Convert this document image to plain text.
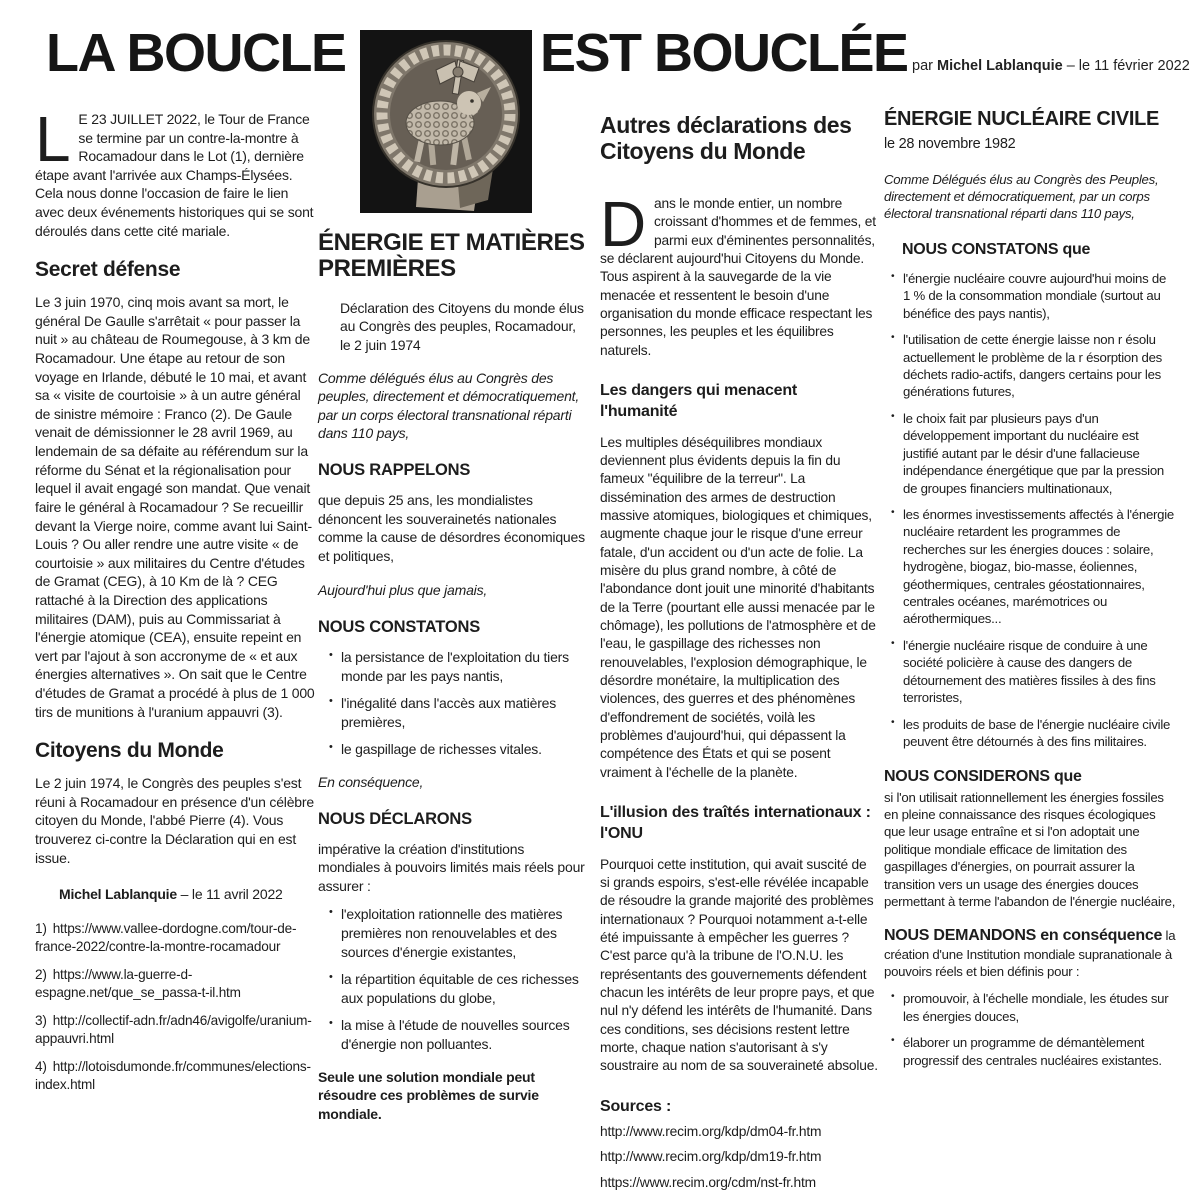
LA BOUCLE	EST BOUCLÉE par Michel Lablanquie – le 11 février 2022

L E 23 JUILLET 2022, le Tour de France se termine par un contre-la-montre à Rocamadour dans le Lot (1), dernière étape avant l'arrivée aux Champs-Élysées. Cela nous donne l'occasion de faire le lien avec deux événements historiques qui se sont déroulés dans cette cité mariale.

Secret défense

Le 3 juin 1970, cinq mois avant sa mort, le général De Gaulle s'arrêtait « pour passer la nuit » au château de Roumegouse, à 3 km de Rocamadour. Une étape au retour de son voyage en Irlande, débuté le 10 mai, et avant sa « visite de courtoisie » à un autre général de sinistre mémoire : Franco (2). De Gaule venait de démissionner le 28 avril 1969, au lendemain de sa défaite au référendum sur la réforme du Sénat et la régionalisation pour lequel il avait engagé son mandat. Que venait faire le général à Rocamadour ? Se recueillir devant la Vierge noire, comme avant lui Saint-Louis ? Ou aller rendre une autre visite « de courtoisie » aux militaires du Centre d'études de Gramat (CEG), à 10 Km de là ? CEG rattaché à la Direction des applications militaires (DAM), puis au Commissariat à l'énergie atomique (CEA), ensuite repeint en vert par l'ajout à son accronyme de « et aux énergies alternatives ». On sait que le Centre d'études de Gramat a procédé à plus de 1 000 tirs de munitions à l'uranium appauvri (3).

Citoyens du Monde

Le 2 juin 1974, le Congrès des peuples s'est réuni à Rocamadour en présence d'un célèbre citoyen du Monde, l'abbé Pierre (4). Vous trouverez ci-contre la Déclaration qui en est issue.

Michel Lablanquie – le 11 avril 2022

1) https://www.vallee-dordogne.com/tour-de-france-2022/contre-la-montre-rocamadour

2) https://www.la-guerre-d-espagne.net/que_se_passa-t-il.htm

3) http://collectif-adn.fr/adn46/avigolfe/uranium-appauvri.html

4) http://lotoisdumonde.fr/communes/elections-index.html

ÉNERGIE ET MATIÈRES PREMIÈRES

Déclaration des Citoyens du monde élus au Congrès des peuples, Rocamadour, le 2 juin 1974

Comme délégués élus au Congrès des peuples, directement et démocratiquement, par un corps électoral transnational réparti dans 110 pays,

NOUS RAPPELONS

que depuis 25 ans, les mondialistes dénoncent les souverainetés nationales comme la cause de désordres économiques et politiques,

Aujourd'hui plus que jamais,

NOUS CONSTATONS
• la persistance de l'exploitation du tiers monde par les pays nantis,
• l'inégalité dans l'accès aux matières premières,
• le gaspillage de richesses vitales.

En conséquence,

NOUS DÉCLARONS

impérative la création d'institutions mondiales à pouvoirs limités mais réels pour assurer :

• l'exploitation rationnelle des matières premières non renouvelables et des sources d'énergie existantes,
• la répartition équitable de ces richesses aux populations du globe,
• la mise à l'étude de nouvelles sources d'énergie non polluantes.

Seule une solution mondiale peut résoudre ces problèmes de survie mondiale.

Autres déclarations des Citoyens du Monde

Dans le monde entier, un nombre croissant d'hommes et de femmes, et parmi eux d'éminentes personnalités, se déclarent aujourd'hui Citoyens du Monde. Tous aspirent à la sauvegarde de la vie menacée et ressentent le besoin d'une organisation du monde efficace respectant les personnes, les peuples et les équilibres naturels.

Les dangers qui menacent l'humanité

Les multiples déséquilibres mondiaux deviennent plus évidents depuis la fin du fameux "équilibre de la terreur". La dissémination des armes de destruction massive atomiques, biologiques et chimiques, augmente chaque jour le risque d'une erreur fatale, d'un accident ou d'un acte de folie. La misère du plus grand nombre, à côté de l'abondance dont jouit une minorité d'habitants de la Terre (pourtant elle aussi menacée par le chômage), les pollutions de l'atmosphère et de l'eau, le gaspillage des richesses non renouvelables, l'explosion démographique, le désordre monétaire, la multiplication des violences, des guerres et des phénomènes d'effondrement de sociétés, voilà les problèmes d'aujourd'hui, qui dépassent la compétence des États et qui se posent vraiment à l'échelle de la planète.

L'illusion des traîtés internationaux : l'ONU

Pourquoi cette institution, qui avait suscité de si grands espoirs, s'est-elle révélée incapable de résoudre la grande majorité des problèmes internationaux ? Pourquoi notamment a-t-elle été impuissante à empêcher les guerres ? C'est parce qu'à la tribune de l'O.N.U. les représentants des gouvernements défendent chacun les intérêts de leur propre pays, et que nul n'y défend les intérêts de l'humanité. Dans ces conditions, ses décisions restent lettre morte, chaque nation s'autorisant à s'y soustraire au nom de sa souveraineté absolue.

Sources :

http://www.recim.org/kdp/dm04-fr.htm

http://www.recim.org/kdp/dm19-fr.htm

https://www.recim.org/cdm/nst-fr.htm

ÉNERGIE NUCLÉAIRE CIVILE

le 28 novembre 1982

Comme Délégués élus au Congrès des Peuples, directement et démocratiquement, par un corps électoral transnational réparti dans 110 pays,

NOUS CONSTATONS que
• l'énergie nucléaire couvre aujourd'hui moins de 1 % de la consommation mondiale (surtout au bénéfice des pays nantis),
• l'utilisation de cette énergie laisse non r ésolu actuellement le problème de la r ésorption des déchets radio-actifs, dangers certains pour les générations futures,
• le choix fait par plusieurs pays d'un développement important du nucléaire est justifié autant par le désir d'une fallacieuse indépendance énergétique que par la pression de groupes financiers multinationaux,
• les énormes investissements affectés à l'énergie nucléaire retardent les programmes de recherches sur les énergies douces : solaire, hydrogène, biogaz, bio-masse, éoliennes, géothermiques, centrales géostationnaires, centrales océanes, marémotrices ou aérothermiques...
• l'énergie nucléaire risque de conduire à une société policière à cause des dangers de détournement des matières fissiles à des fins terroristes,
• les produits de base de l'énergie nucléaire civile peuvent être détournés à des fins militaires.
NOUS CONSIDERONS que

si l'on utilisait rationnellement les énergies fossiles en pleine connaissance des risques écologiques que leur usage entraîne et si l'on adoptait une politique mondiale efficace de limitation des gaspillages d'énergies, on pourrait assurer la transition vers un usage des énergies douces permettant à terme l'abandon de l'énergie nucléaire,

NOUS DEMANDONS en conséquence la création d'une Institution mondiale supranationale à pouvoirs réels et bien définis pour :

• promouvoir, à l'échelle mondiale, les études sur les énergies douces,
• élaborer un programme de démantèlement progressif des centrales nucléaires existantes.
